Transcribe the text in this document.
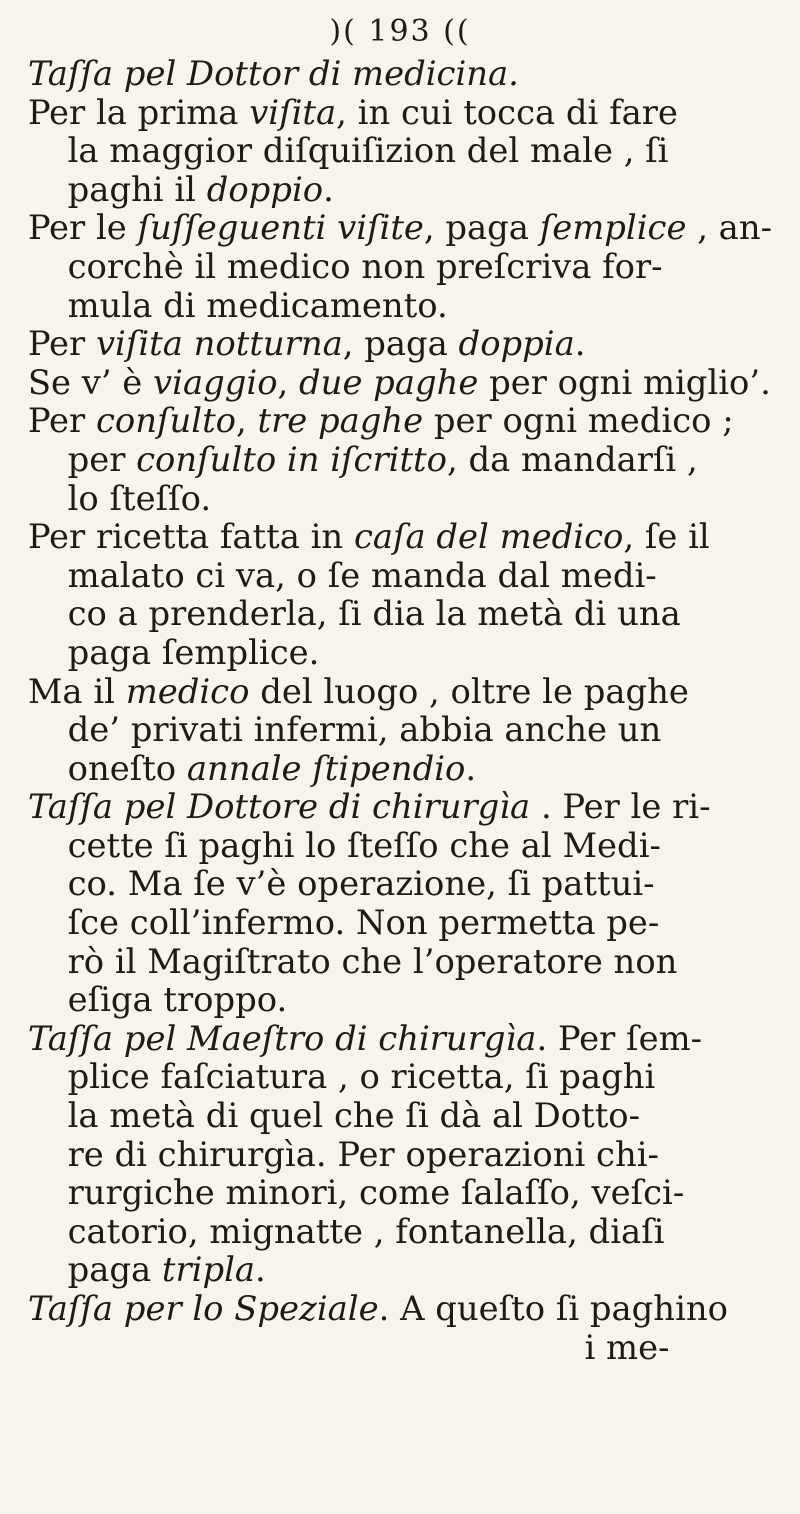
)( 193 ((
Taſſa pel Dottor di medicina.
Per la prima viſita, in cui tocca di fare
la maggior diſquiſizion del male , ſi
paghi il doppio.
Per le ſuſſeguenti viſite, paga ſemplice , an-
corchè il medico non preſcriva for-
mula di medicamento.
Per viſita notturna, paga doppia.
Se v’ è viaggio, due paghe per ogni miglio’.
Per conſulto, tre paghe per ogni medico ;
per conſulto in iſcritto, da mandarſi ,
lo ſteſſo.
Per ricetta fatta in caſa del medico, ſe il
malato ci va, o ſe manda dal medi-
co a prenderla, ſi dia la metà di una
paga ſemplice.
Ma il medico del luogo , oltre le paghe
de’ privati infermi, abbia anche un
oneſto annale ſtipendio.
Taſſa pel Dottore di chirurgìa . Per le ri-
cette ſi paghi lo ſteſſo che al Medi-
co. Ma ſe v’è operazione, ſi pattui-
ſce coll’infermo. Non permetta pe-
rò il Magiſtrato che l’operatore non
eſiga troppo.
Taſſa pel Maeſtro di chirurgìa. Per ſem-
plice faſciatura , o ricetta, ſi paghi
la metà di quel che ſi dà al Dotto-
re di chirurgìa. Per operazioni chi-
rurgiche minori, come ſalaſſo, veſci-
catorio, mignatte , fontanella, diaſi
paga tripla.
Taſſa per lo Speziale. A queſto ſi paghino
i me-
